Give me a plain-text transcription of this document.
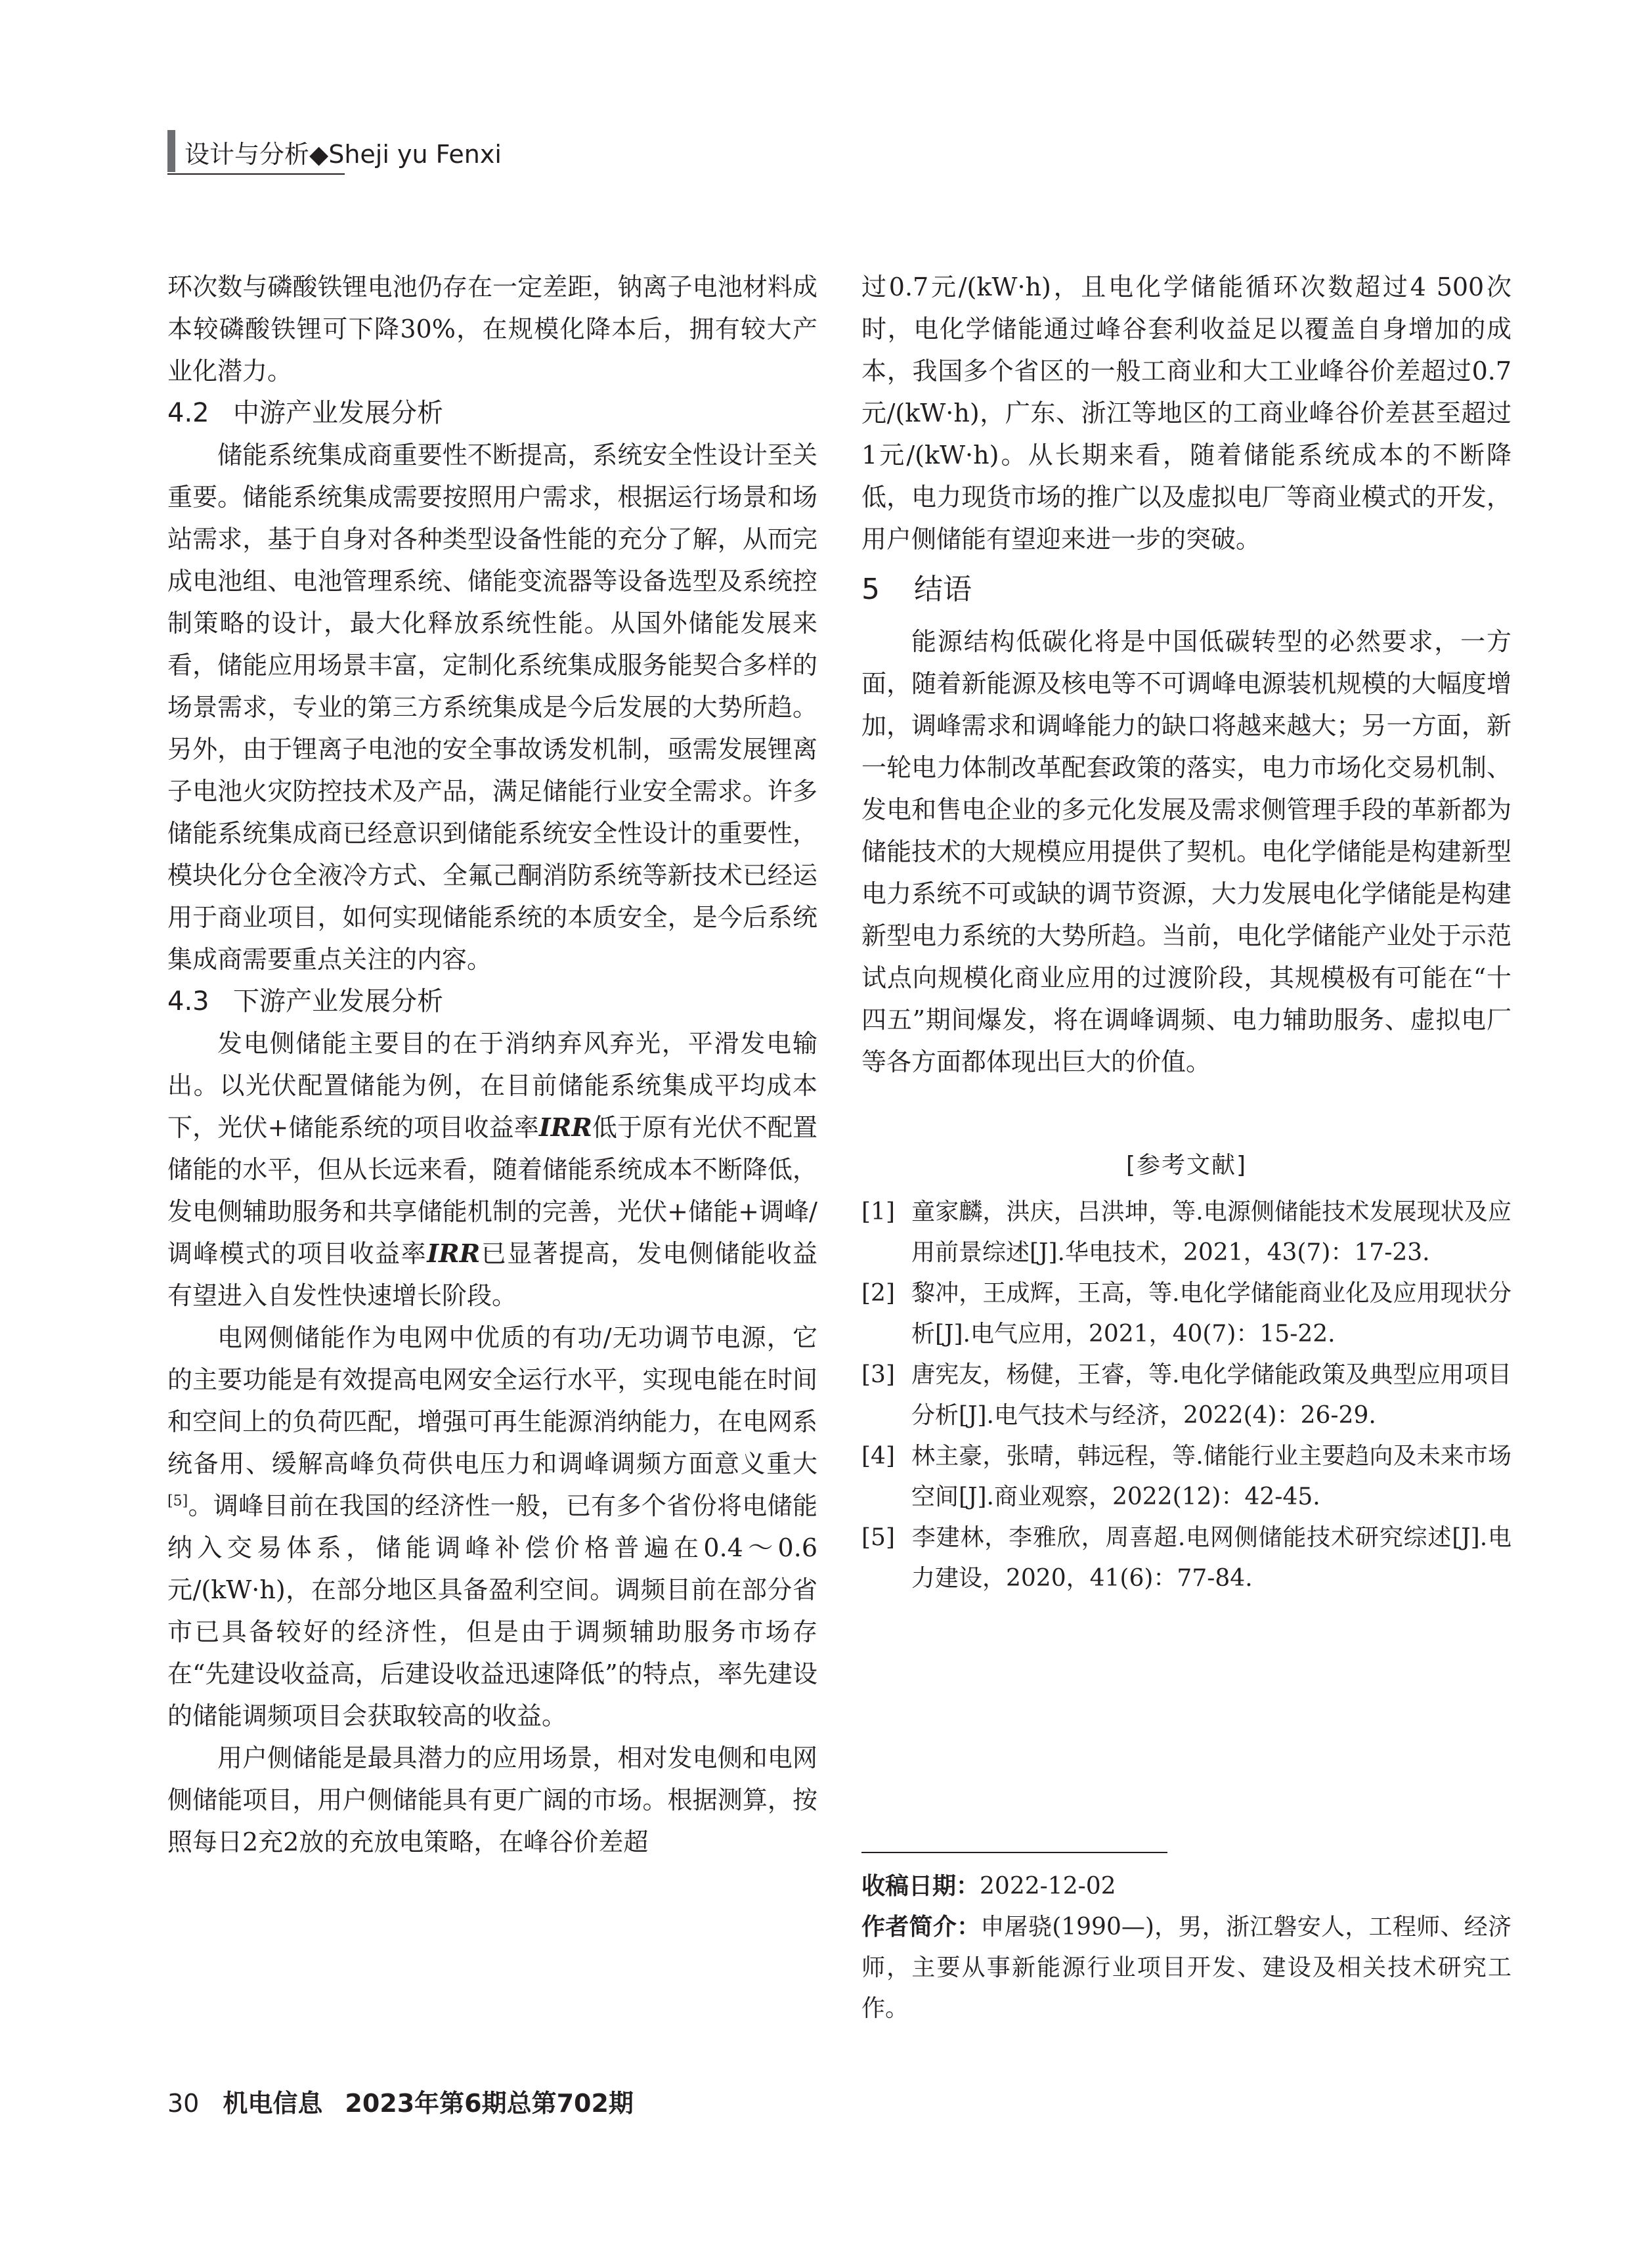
设计与分析◆Sheji yu Fenxi

环次数与磷酸铁锂电池仍存在一定差距，钠离子电池材料成本较磷酸铁锂可下降30%，在规模化降本后，拥有较大产业化潜力。

4.2 中游产业发展分析

储能系统集成商重要性不断提高，系统安全性设计至关重要。储能系统集成需要按照用户需求，根据运行场景和场站需求，基于自身对各种类型设备性能的充分了解，从而完成电池组、电池管理系统、储能变流器等设备选型及系统控制策略的设计，最大化释放系统性能。从国外储能发展来看，储能应用场景丰富，定制化系统集成服务能契合多样的场景需求，专业的第三方系统集成是今后发展的大势所趋。另外，由于锂离子电池的安全事故诱发机制，亟需发展锂离子电池火灾防控技术及产品，满足储能行业安全需求。许多储能系统集成商已经意识到储能系统安全性设计的重要性，模块化分仓全液冷方式、全氟己酮消防系统等新技术已经运用于商业项目，如何实现储能系统的本质安全，是今后系统集成商需要重点关注的内容。

4.3 下游产业发展分析

发电侧储能主要目的在于消纳弃风弃光，平滑发电输出。以光伏配置储能为例，在目前储能系统集成平均成本下，光伏+储能系统的项目收益率IRR低于原有光伏不配置储能的水平，但从长远来看，随着储能系统成本不断降低，发电侧辅助服务和共享储能机制的完善，光伏+储能+调峰/调峰模式的项目收益率IRR已显著提高，发电侧储能收益有望进入自发性快速增长阶段。

电网侧储能作为电网中优质的有功/无功调节电源，它的主要功能是有效提高电网安全运行水平，实现电能在时间和空间上的负荷匹配，增强可再生能源消纳能力，在电网系统备用、缓解高峰负荷供电压力和调峰调频方面意义重大[5]。调峰目前在我国的经济性一般，已有多个省份将电储能纳入交易体系，储能调峰补偿价格普遍在0.4～0.6元/(kW·h)，在部分地区具备盈利空间。调频目前在部分省市已具备较好的经济性，但是由于调频辅助服务市场存在“先建设收益高，后建设收益迅速降低”的特点，率先建设的储能调频项目会获取较高的收益。

用户侧储能是最具潜力的应用场景，相对发电侧和电网侧储能项目，用户侧储能具有更广阔的市场。根据测算，按照每日2充2放的充放电策略，在峰谷价差超

过0.7元/(kW·h)，且电化学储能循环次数超过4 500次时，电化学储能通过峰谷套利收益足以覆盖自身增加的成本，我国多个省区的一般工商业和大工业峰谷价差超过0.7元/(kW·h)，广东、浙江等地区的工商业峰谷价差甚至超过1元/(kW·h)。从长期来看，随着储能系统成本的不断降低，电力现货市场的推广以及虚拟电厂等商业模式的开发，用户侧储能有望迎来进一步的突破。

5 结语

能源结构低碳化将是中国低碳转型的必然要求，一方面，随着新能源及核电等不可调峰电源装机规模的大幅度增加，调峰需求和调峰能力的缺口将越来越大；另一方面，新一轮电力体制改革配套政策的落实，电力市场化交易机制、发电和售电企业的多元化发展及需求侧管理手段的革新都为储能技术的大规模应用提供了契机。电化学储能是构建新型电力系统不可或缺的调节资源，大力发展电化学储能是构建新型电力系统的大势所趋。当前，电化学储能产业处于示范试点向规模化商业应用的过渡阶段，其规模极有可能在“十四五”期间爆发，将在调峰调频、电力辅助服务、虚拟电厂等各方面都体现出巨大的价值。

[参考文献]

[1] 童家麟，洪庆，吕洪坤，等.电源侧储能技术发展现状及应用前景综述[J].华电技术，2021，43(7)：17-23.

[2] 黎冲，王成辉，王高，等.电化学储能商业化及应用现状分析[J].电气应用，2021，40(7)：15-22.

[3] 唐宪友，杨健，王睿，等.电化学储能政策及典型应用项目分析[J].电气技术与经济，2022(4)：26-29.

[4] 林主豪，张晴，韩远程，等.储能行业主要趋向及未来市场空间[J].商业观察，2022(12)：42-45.

[5] 李建林，李雅欣，周喜超.电网侧储能技术研究综述[J].电力建设，2020，41(6)：77-84.

收稿日期：2022-12-02

作者简介：申屠骁(1990—)，男，浙江磐安人，工程师、经济师，主要从事新能源行业项目开发、建设及相关技术研究工作。

30 机电信息 2023年第6期总第702期
